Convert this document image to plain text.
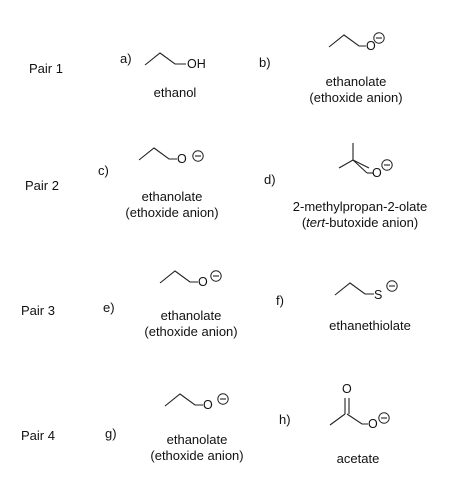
Pair 1
Pair 2
Pair 3
Pair 4
a)	b)
c)
d)
e)	f)
g)
h)
ethanol
ethanolate
(ethoxide anion)
ethanolate
(ethoxide anion)	2-methylpropan-2-olate
(tert-butoxide anion)
ethanolate
(ethoxide anion)	ethanethiolate
ethanolate
(ethoxide anion)	acetate
OH
O
O
O
O
S
O
O
O
